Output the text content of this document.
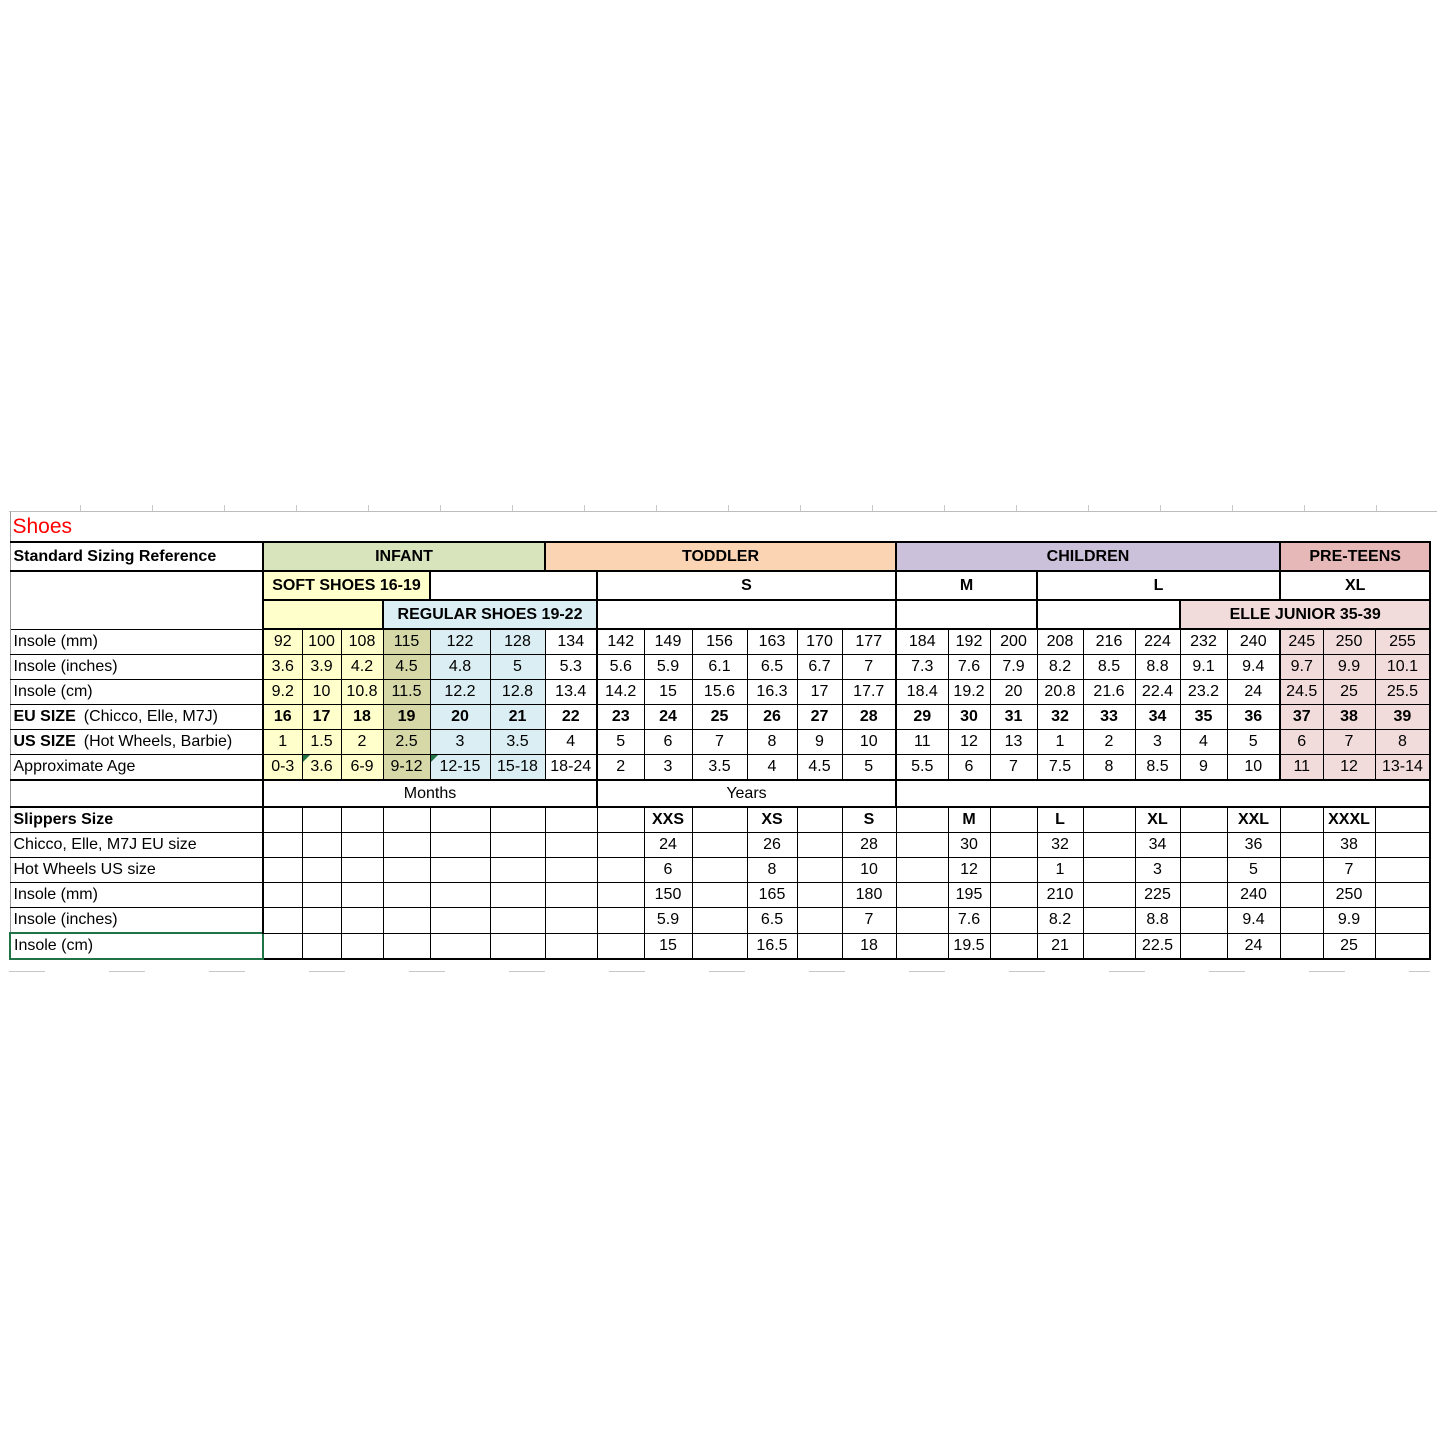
Shoes																								
Standard Sizing Reference	INFANT						TODDLER							CHILDREN								PRE-TEENS		
	SOFT SHOES 16-19							S						M			L					XL		
				REGULAR SHOES 19-22																ELLE JUNIOR 35-39				
Insole (mm)	92	100	108	115	122	128	134	142	149	156	163	170	177	184	192	200	208	216	224	232	240	245	250	255
Insole (inches)	3.6	3.9	4.2	4.5	4.8	5	5.3	5.6	5.9	6.1	6.5	6.7	7	7.3	7.6	7.9	8.2	8.5	8.8	9.1	9.4	9.7	9.9	10.1
Insole (cm)	9.2	10	10.8	11.5	12.2	12.8	13.4	14.2	15	15.6	16.3	17	17.7	18.4	19.2	20	20.8	21.6	22.4	23.2	24	24.5	25	25.5
EU SIZE (Chicco, Elle, M7J)	16	17	18	19	20	21	22	23	24	25	26	27	28	29	30	31	32	33	34	35	36	37	38	39
US SIZE (Hot Wheels, Barbie)	1	1.5	2	2.5	3	3.5	4	5	6	7	8	9	10	11	12	13	1	2	3	4	5	6	7	8
Approximate Age	0-3	3.6	6-9	9-12	12-15	15-18	18-24	2	3	3.5	4	4.5	5	5.5	6	7	7.5	8	8.5	9	10	11	12	13-14
	Months							Years																
Slippers Size									XXS		XS		S		M		L		XL		XXL		XXXL	
Chicco, Elle, M7J EU size									24		26		28		30		32		34		36		38	
Hot Wheels US size									6		8		10		12		1		3		5		7	
Insole (mm)									150		165		180		195		210		225		240		250	
Insole (inches)									5.9		6.5		7		7.6		8.2		8.8		9.4		9.9	
Insole (cm)									15		16.5		18		19.5		21		22.5		24		25	
